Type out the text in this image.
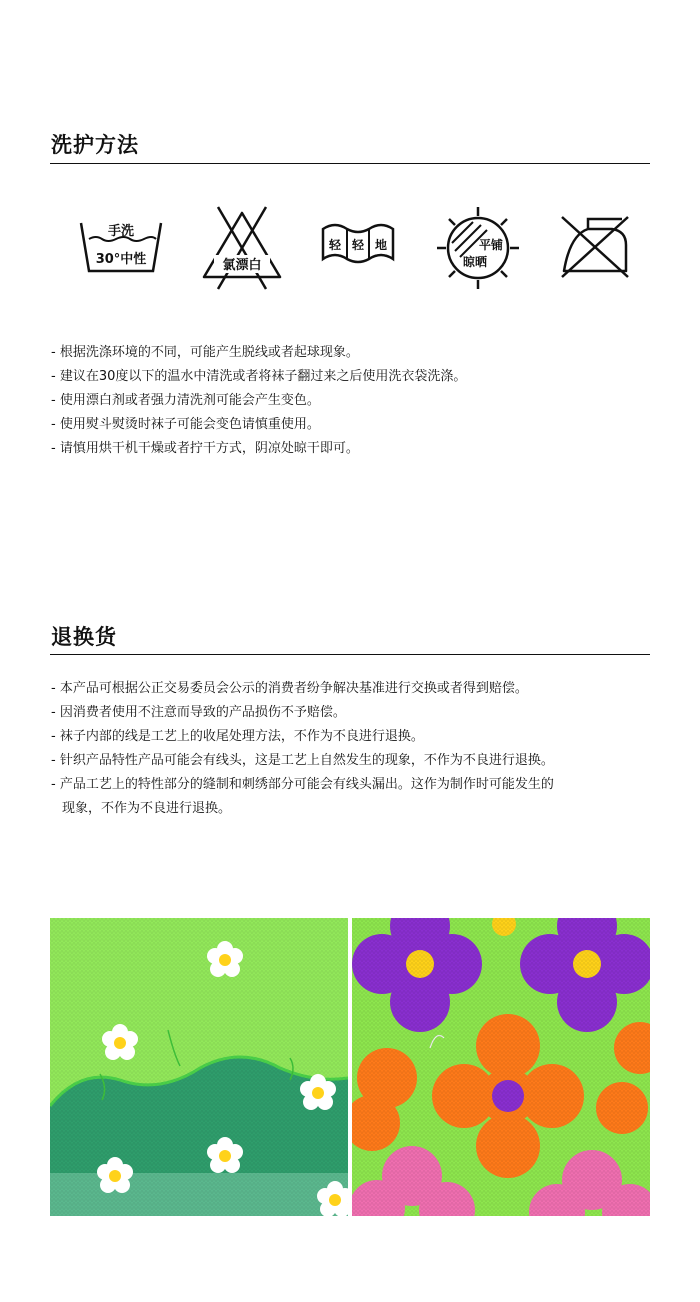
洗护方法
手洗
30°中性	氯漂白
轻 轻 地	平铺
晾晒
- 根据洗涤环境的不同，可能产生脱线或者起球现象。
- 建议在30度以下的温水中清洗或者将袜子翻过来之后使用洗衣袋洗涤。
- 使用漂白剂或者强力清洗剂可能会产生变色。
- 使用熨斗熨烫时袜子可能会变色请慎重使用。
- 请慎用烘干机干燥或者拧干方式，阴凉处晾干即可。
退换货
- 本产品可根据公正交易委员会公示的消费者纷争解决基准进行交换或者得到赔偿。
- 因消费者使用不注意而导致的产品损伤不予赔偿。
- 袜子内部的线是工艺上的收尾处理方法，不作为不良进行退换。
- 针织产品特性产品可能会有线头，这是工艺上自然发生的现象，不作为不良进行退换。
- 产品工艺上的特性部分的缝制和刺绣部分可能会有线头漏出。这作为制作时可能发生的
现象，不作为不良进行退换。
